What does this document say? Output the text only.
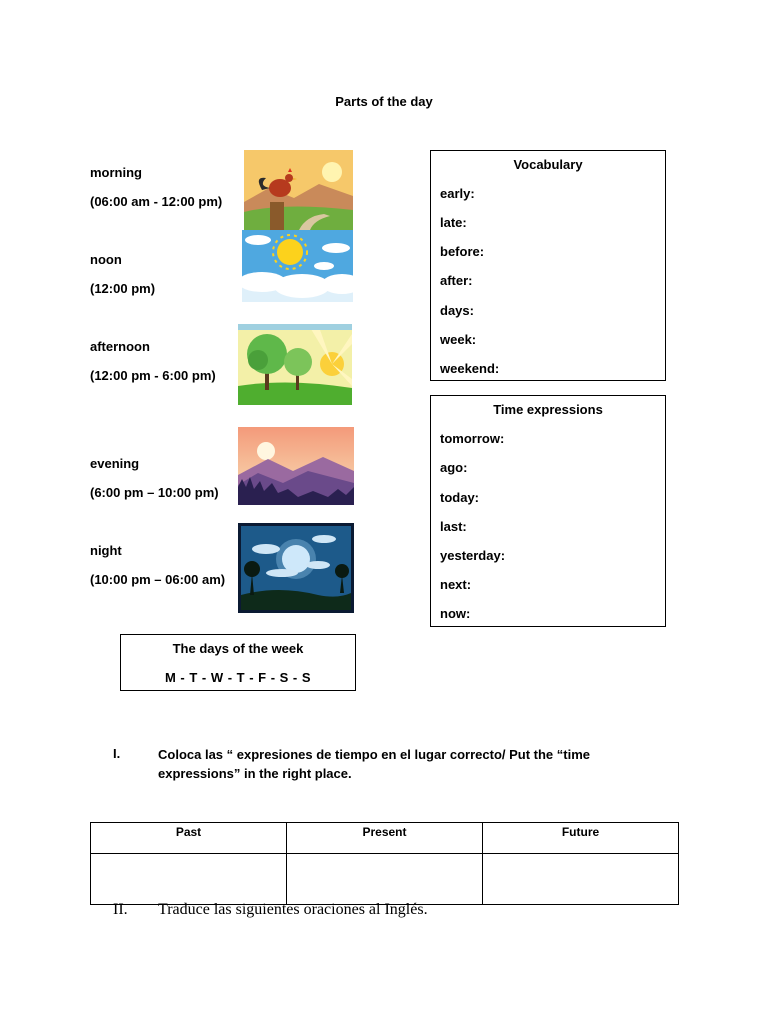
Parts of the day
morning
(06:00 am - 12:00 pm)
noon
(12:00 pm)
afternoon
(12:00 pm - 6:00 pm)
evening
(6:00 pm – 10:00 pm)
night
(10:00 pm – 06:00 am)
Vocabulary
early:
late:
before:
after:
days:
week:
weekend:
Time expressions
tomorrow:
ago:
today:
last:
yesterday:
next:
now:
The days of the week
M - T - W - T - F - S - S
I.	Coloca las “ expresiones de tiempo en el lugar correcto/ Put the “time expressions” in the right place.
Past	Present	Future

II. Traduce las siguientes oraciones al Inglés.
